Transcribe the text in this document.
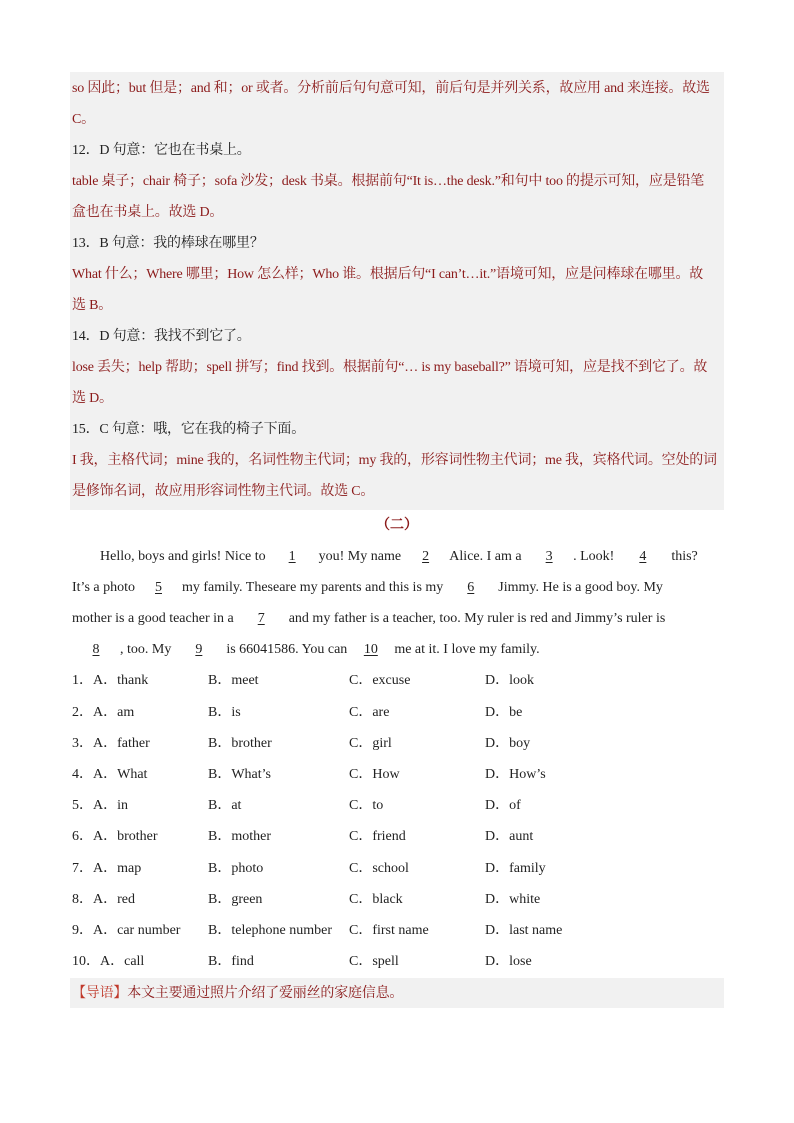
so 因此；but 但是；and 和；or 或者。分析前后句句意可知，前后句是并列关系，故应用 and 来连接。故选
C。
12．D 句意：它也在书桌上。
table 桌子；chair 椅子；sofa 沙发；desk 书桌。根据前句“It is…the desk.”和句中 too 的提示可知，应是铅笔
盒也在书桌上。故选 D。
13．B 句意：我的棒球在哪里？
What 什么；Where 哪里；How 怎么样；Who 谁。根据后句“I can’t…it.”语境可知，应是问棒球在哪里。故
选 B。
14．D 句意：我找不到它了。
lose 丢失；help 帮助；spell 拼写；find 找到。根据前句“… is my baseball?” 语境可知，应是找不到它了。故
选 D。
15．C 句意：哦，它在我的椅子下面。
I 我，主格代词；mine 我的，名词性物主代词；my 我的，形容词性物主代词；me 我，宾格代词。空处的词
是修饰名词，故应用形容词性物主代词。故选 C。
（二）
Hello, boys and girls! Nice to 1 you! My name 2 Alice. I am a 3 . Look! 4 this?
It’s a photo 5 my family. Theseare my parents and this is my 6 Jimmy. He is a good boy. My
mother is a good teacher in a 7 and my father is a teacher, too. My ruler is red and Jimmy’s ruler is
8 , too. My 9 is 66041586. You can 10 me at it. I love my family.
1．A．thank	B．meet	C．excuse	D．look
2．A．am	B．is	C．are	D．be
3．A．father	B．brother	C．girl	D．boy
4．A．What	B．What’s	C．How	D．How’s
5．A．in	B．at	C．to	D．of
6．A．brother	B．mother	C．friend	D．aunt
7．A．map	B．photo	C．school	D．family
8．A．red	B．green	C．black	D．white
9．A．car number B．telephone number C．first name	D．last name
10．A．call	B．find	C．spell	D．lose
【导语】本文主要通过照片介绍了爱丽丝的家庭信息。
